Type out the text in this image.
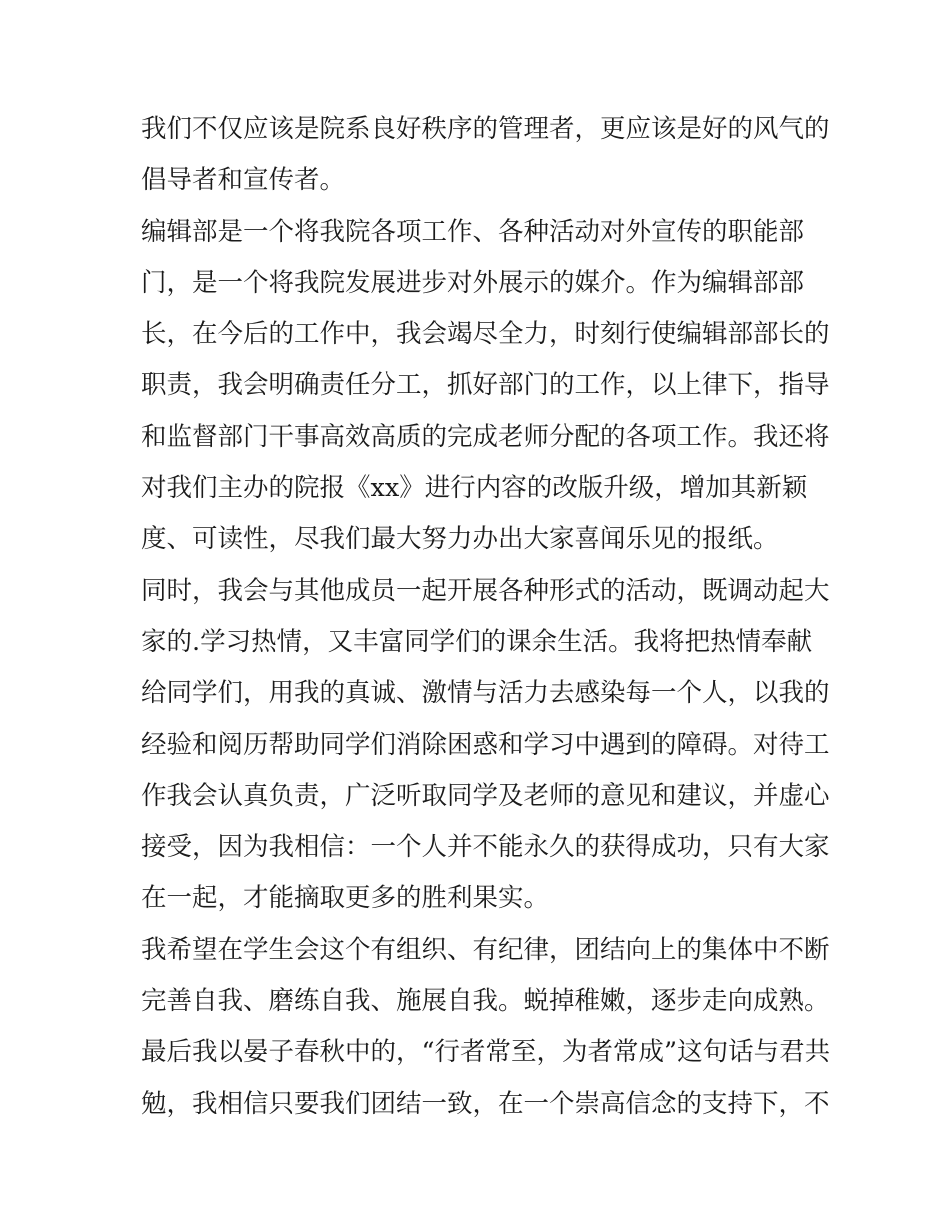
我们不仅应该是院系良好秩序的管理者，更应该是好的风气的
倡导者和宣传者。
编辑部是一个将我院各项工作、各种活动对外宣传的职能部
门，是一个将我院发展进步对外展示的媒介。作为编辑部部
长，在今后的工作中，我会竭尽全力，时刻行使编辑部部长的
职责，我会明确责任分工，抓好部门的工作，以上律下，指导
和监督部门干事高效高质的完成老师分配的各项工作。我还将
对我们主办的院报《xx》进行内容的改版升级，增加其新颖
度、可读性，尽我们最大努力办出大家喜闻乐见的报纸。
同时，我会与其他成员一起开展各种形式的活动，既调动起大
家的.学习热情，又丰富同学们的课余生活。我将把热情奉献
给同学们，用我的真诚、激情与活力去感染每一个人，以我的
经验和阅历帮助同学们消除困惑和学习中遇到的障碍。对待工
作我会认真负责，广泛听取同学及老师的意见和建议，并虚心
接受，因为我相信：一个人并不能永久的获得成功，只有大家
在一起，才能摘取更多的胜利果实。
我希望在学生会这个有组织、有纪律，团结向上的集体中不断
完善自我、磨练自我、施展自我。蜕掉稚嫩，逐步走向成熟。
最后我以晏子春秋中的，“行者常至，为者常成”这句话与君共
勉，我相信只要我们团结一致，在一个崇高信念的支持下，不
